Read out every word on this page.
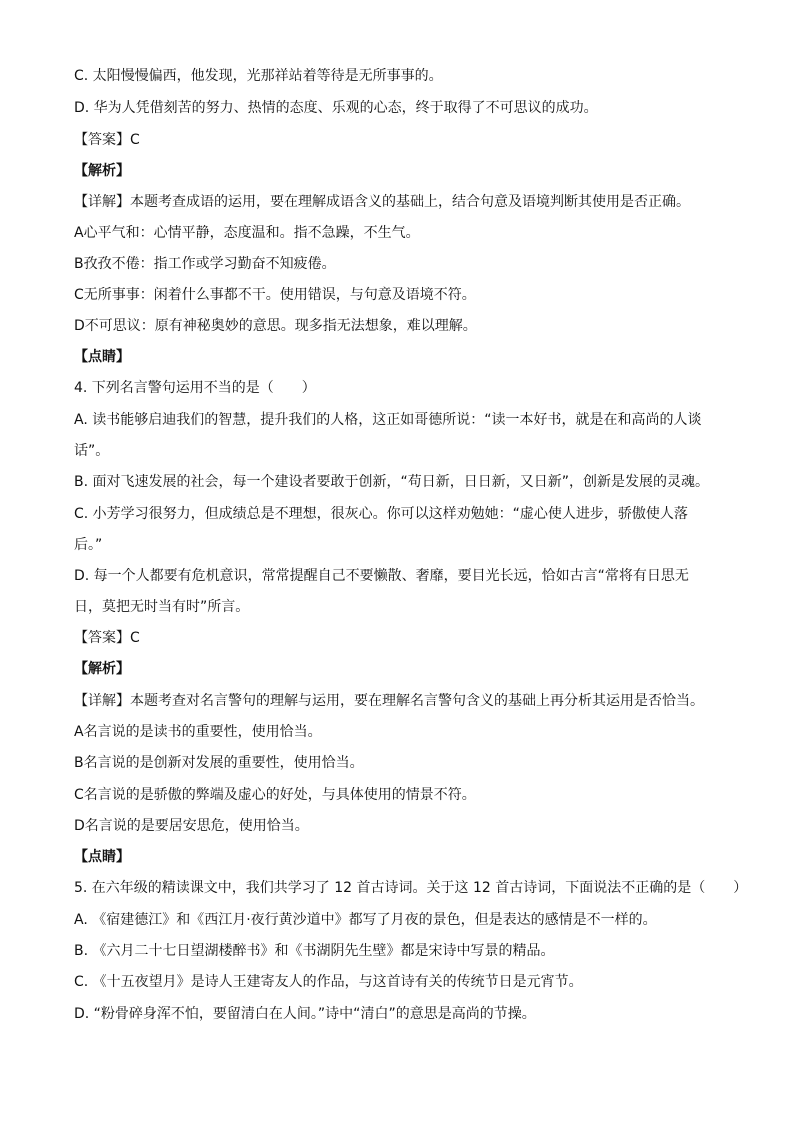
C. 太阳慢慢偏西，他发现，光那祥站着等待是无所事事的。
D. 华为人凭借刻苦的努力、热情的态度、乐观的心态，终于取得了不可思议的成功。
【答案】C
【解析】
【详解】本题考查成语的运用，要在理解成语含义的基础上，结合句意及语境判断其使用是否正确。
A心平气和：心情平静，态度温和。指不急躁，不生气。
B孜孜不倦：指工作或学习勤奋不知疲倦。
C无所事事：闲着什么事都不干。使用错误，与句意及语境不符。
D不可思议：原有神秘奥妙的意思。现多指无法想象，难以理解。
【点睛】
4. 下列名言警句运用不当的是（　　）
A. 读书能够启迪我们的智慧，提升我们的人格，这正如哥德所说：“读一本好书，就是在和高尚的人谈
话”。
B. 面对飞速发展的社会，每一个建设者要敢于创新，“苟日新，日日新，又日新”，创新是发展的灵魂。
C. 小芳学习很努力，但成绩总是不理想，很灰心。你可以这样劝勉她：“虚心使人进步，骄傲使人落
后。”
D. 每一个人都要有危机意识，常常提醒自己不要懒散、奢靡，要目光长远，恰如古言“常将有日思无
日，莫把无时当有时”所言。
【答案】C
【解析】
【详解】本题考查对名言警句的理解与运用，要在理解名言警句含义的基础上再分析其运用是否恰当。
A名言说的是读书的重要性，使用恰当。
B名言说的是创新对发展的重要性，使用恰当。
C名言说的是骄傲的弊端及虚心的好处，与具体使用的情景不符。
D名言说的是要居安思危，使用恰当。
【点睛】
5. 在六年级的精读课文中，我们共学习了 12 首古诗词。关于这 12 首古诗词，下面说法不正确的是（　　）
A. 《宿建德江》和《西江月·夜行黄沙道中》都写了月夜的景色，但是表达的感情是不一样的。
B. 《六月二十七日望湖楼醉书》和《书湖阴先生壁》都是宋诗中写景的精品。
C. 《十五夜望月》是诗人王建寄友人的作品，与这首诗有关的传统节日是元宵节。
D. “粉骨碎身浑不怕，要留清白在人间。”诗中“清白”的意思是高尚的节操。
